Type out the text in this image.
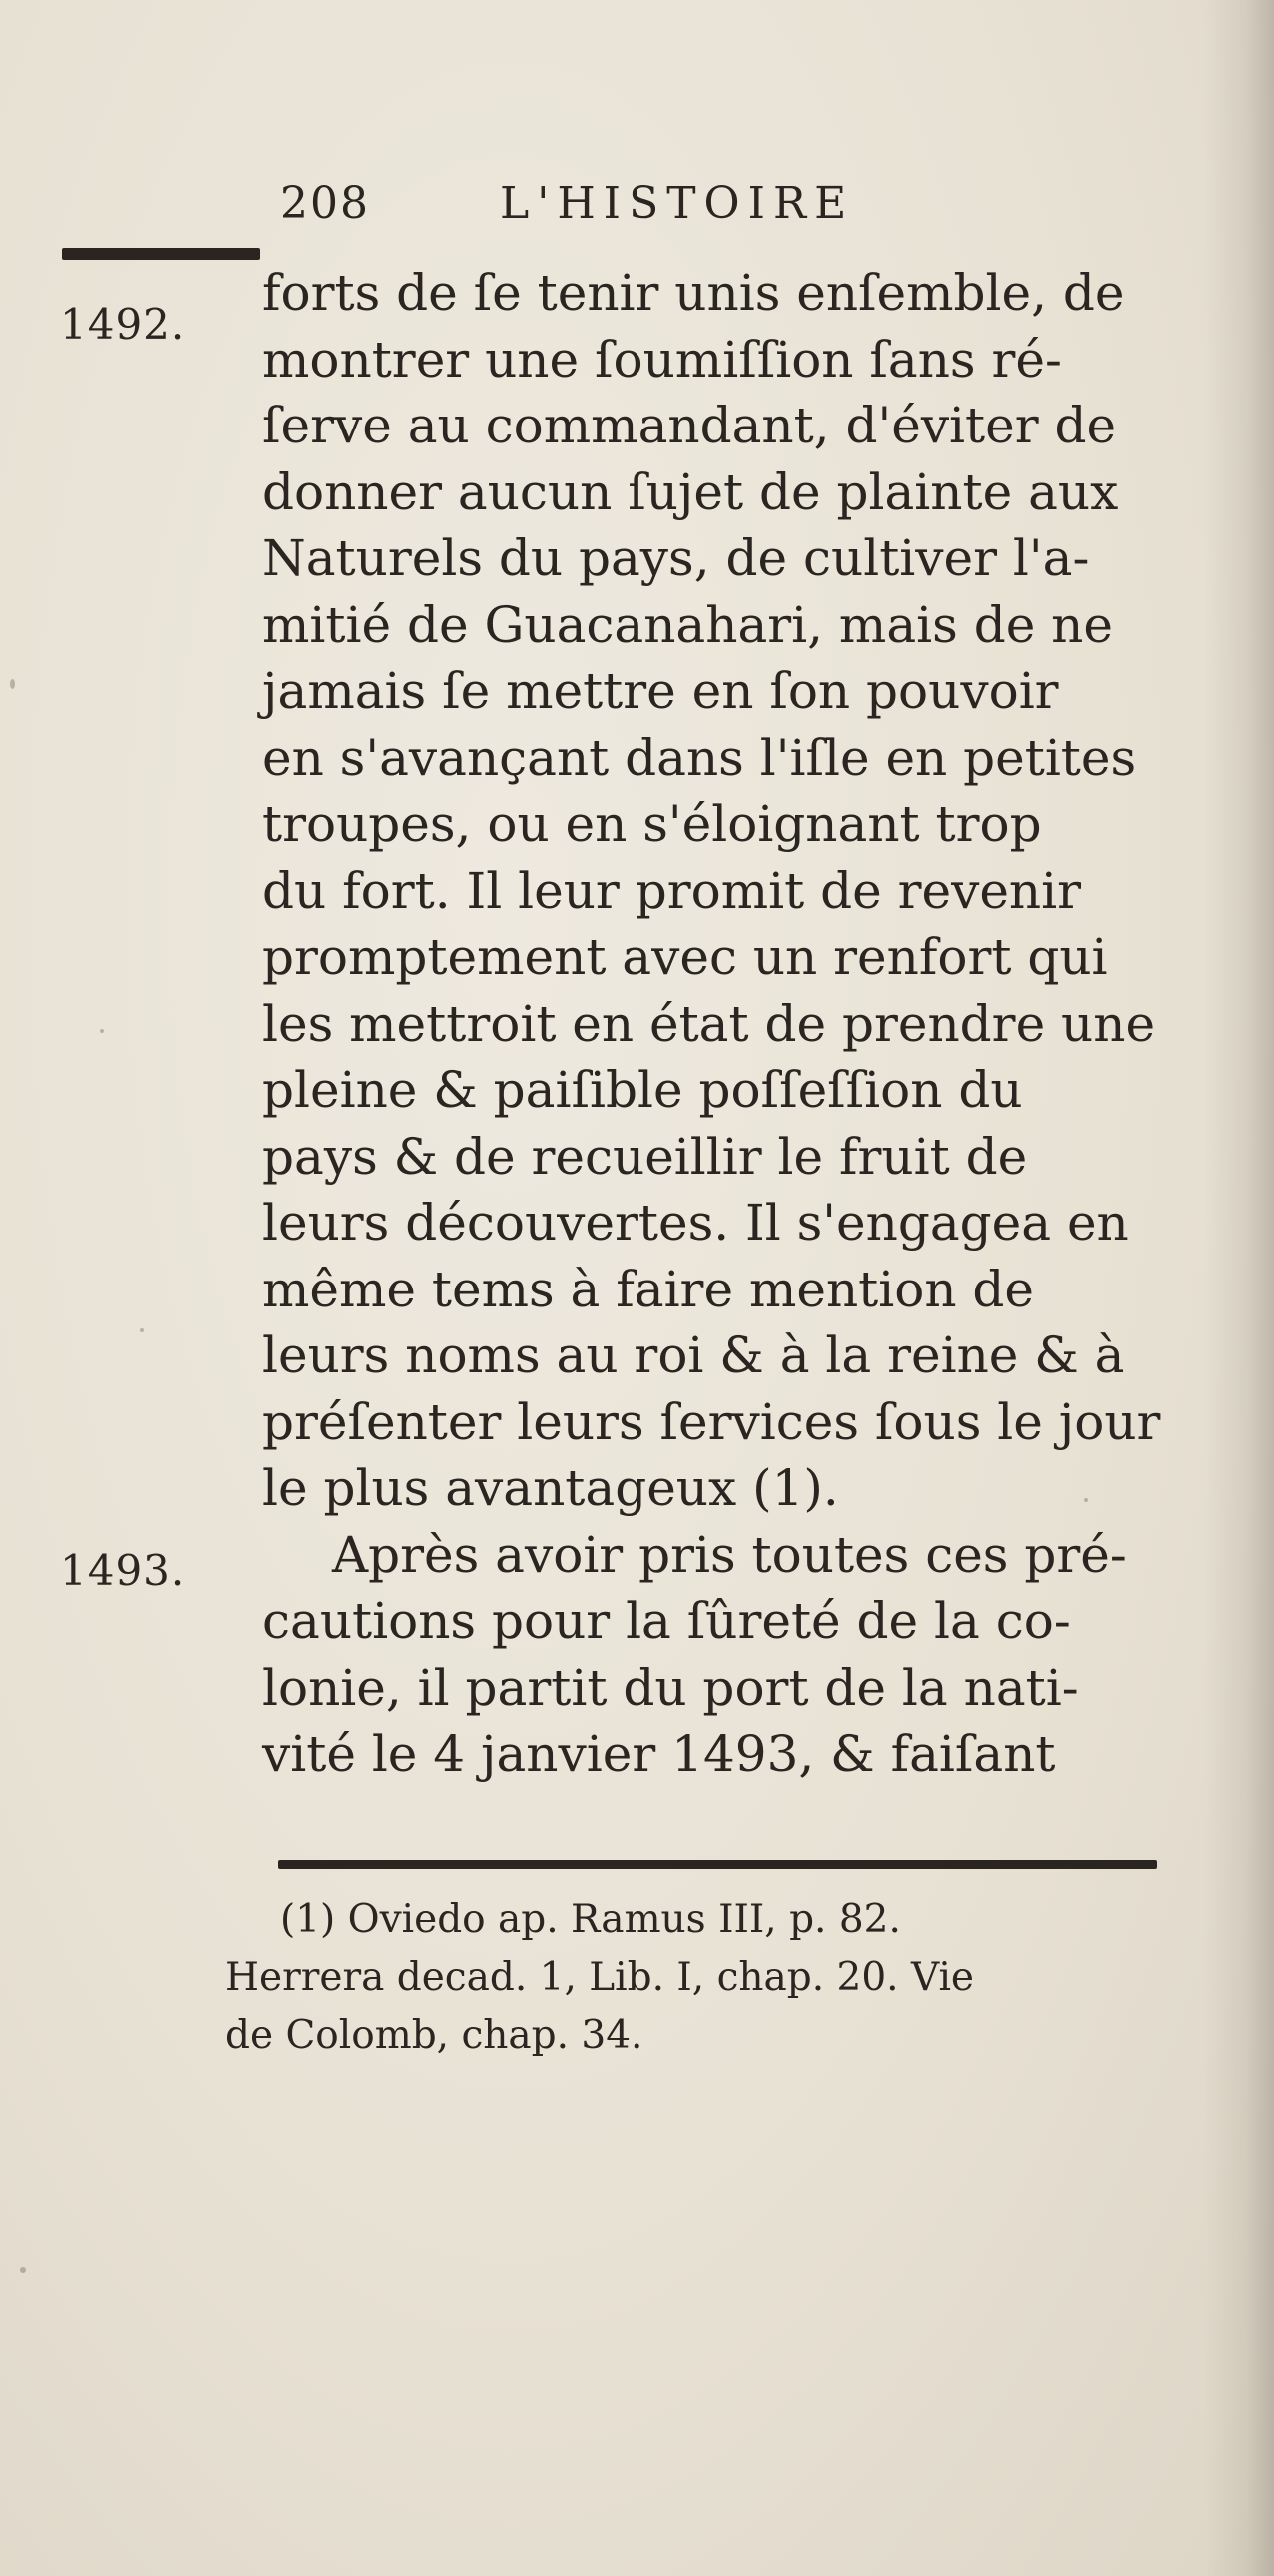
208	L'HISTOIRE
1492.
1493.
forts de ſe tenir unis enſemble, de
montrer une ſoumiſſion ſans ré-
ſerve au commandant, d'éviter de
donner aucun ſujet de plainte aux
Naturels du pays, de cultiver l'a-
mitié de Guacanahari, mais de ne
jamais ſe mettre en ſon pouvoir
en s'avançant dans l'iſle en petites
troupes, ou en s'éloignant trop
du fort. Il leur promit de revenir
promptement avec un renfort qui
les mettroit en état de prendre une
pleine & paiſible poſſeſſion du
pays & de recueillir le fruit de
leurs découvertes. Il s'engagea en
même tems à faire mention de
leurs noms au roi & à la reine & à
préſenter leurs ſervices ſous le jour
le plus avantageux (1).
Après avoir pris toutes ces pré-
cautions pour la ſûreté de la co-
lonie, il partit du port de la nati-
vité le 4 janvier 1493, & faiſant
(1) Oviedo ap. Ramus III, p. 82.
Herrera decad. 1, Lib. I, chap. 20. Vie
de Colomb, chap. 34.
